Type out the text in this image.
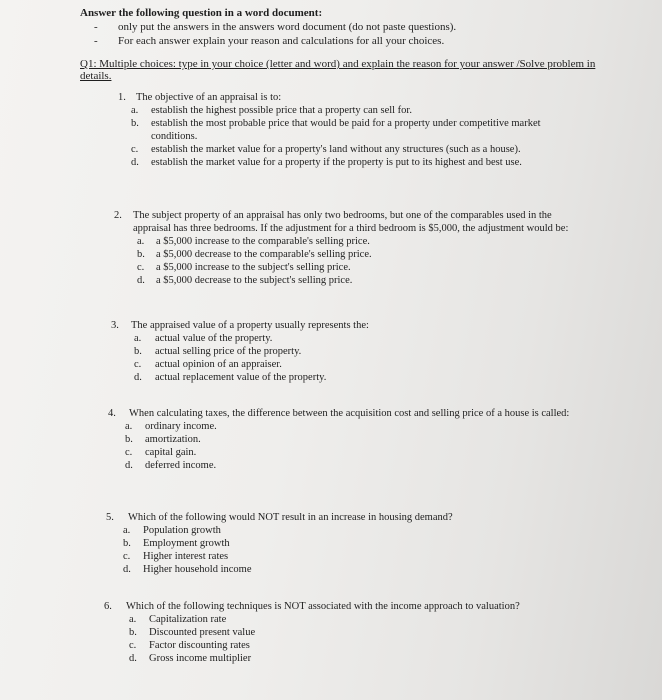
Answer the following question in a word document:
- only put the answers in the answers word document (do not paste questions).
- For each answer explain your reason and calculations for all your choices.
Q1: Multiple choices: type in your choice (letter and word) and explain the reason for your answer /Solve problem in details.
1. The objective of an appraisal is to:
a. establish the highest possible price that a property can sell for.
b. establish the most probable price that would be paid for a property under competitive market conditions.
c. establish the market value for a property's land without any structures (such as a house).
d. establish the market value for a property if the property is put to its highest and best use.
2. The subject property of an appraisal has only two bedrooms, but one of the comparables used in the appraisal has three bedrooms. If the adjustment for a third bedroom is $5,000, the adjustment would be:
a. a $5,000 increase to the comparable's selling price.
b. a $5,000 decrease to the comparable's selling price.
c. a $5,000 increase to the subject's selling price.
d. a $5,000 decrease to the subject's selling price.
3. The appraised value of a property usually represents the:
a. actual value of the property.
b. actual selling price of the property.
c. actual opinion of an appraiser.
d. actual replacement value of the property.
4. When calculating taxes, the difference between the acquisition cost and selling price of a house is called:
a. ordinary income.
b. amortization.
c. capital gain.
d. deferred income.
5. Which of the following would NOT result in an increase in housing demand?
a. Population growth
b. Employment growth
c. Higher interest rates
d. Higher household income
6. Which of the following techniques is NOT associated with the income approach to valuation?
a. Capitalization rate
b. Discounted present value
c. Factor discounting rates
d. Gross income multiplier
